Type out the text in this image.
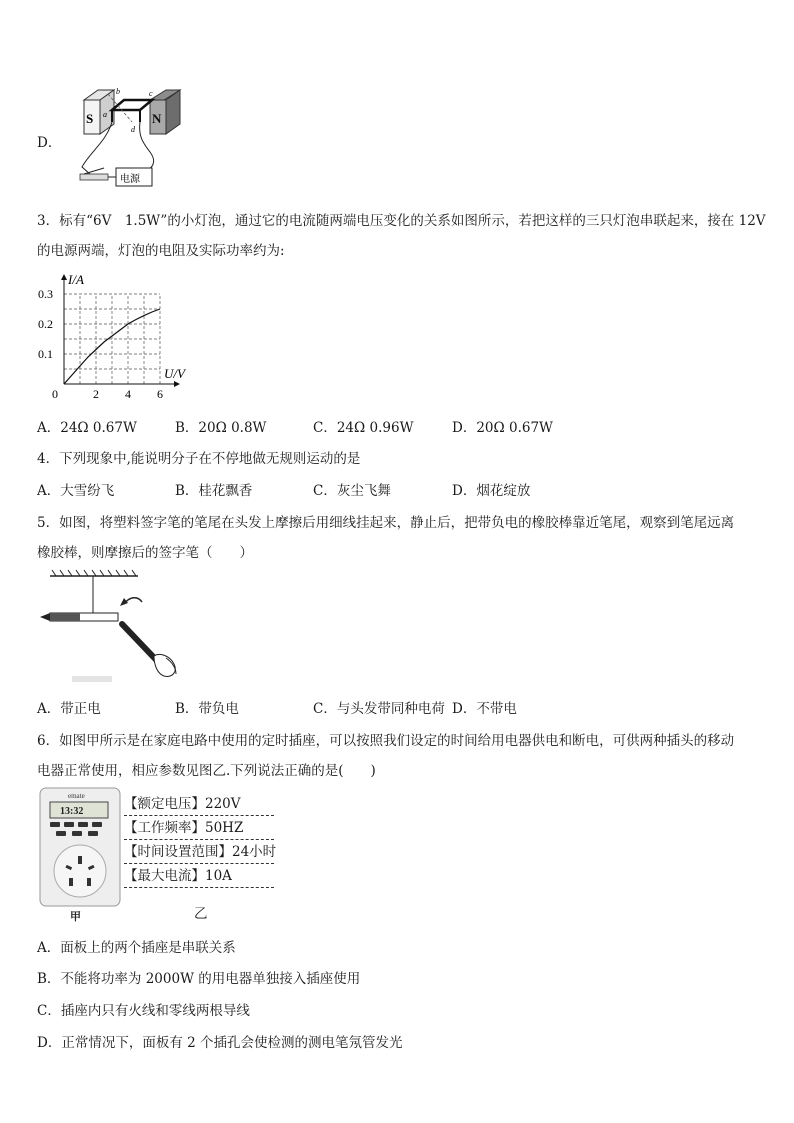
D．
S	N
b	c
a
d
电源
3．标有“6V　1.5W”的小灯泡，通过它的电流随两端电压变化的关系如图所示，若把这样的三只灯泡串联起来，接在 12V
的电源两端，灯泡的电阻及实际功率约为:
0	2 4 6
0.1
0.2
0.3
I/A
U/V
A．24Ω 0.67W	B．20Ω 0.8W	C．24Ω 0.96W	D．20Ω 0.67W
4．下列现象中,能说明分子在不停地做无规则运动的是
A．大雪纷飞	B．桂花飘香	C．灰尘飞舞	D．烟花绽放
5．如图，将塑料签字笔的笔尾在头发上摩擦后用细线挂起来，静止后，把带负电的橡胶棒靠近笔尾，观察到笔尾远离
橡胶棒，则摩擦后的签字笔（　　）
A．带正电	B．带负电	C．与头发带同种电荷 D．不带电
6．如图甲所示是在家庭电路中使用的定时插座，可以按照我们设定的时间给用电器供电和断电，可供两种插头的移动
电器正常使用，相应参数见图乙.下列说法正确的是(　　)
emate
13:32
甲
【额定电压】220V
【工作频率】50HZ
【时间设置范围】24小时
【最大电流】10A
乙
A．面板上的两个插座是串联关系
B．不能将功率为 2000W 的用电器单独接入插座使用
C．插座内只有火线和零线两根导线
D．正常情况下，面板有 2 个插孔会使检测的测电笔氖管发光
